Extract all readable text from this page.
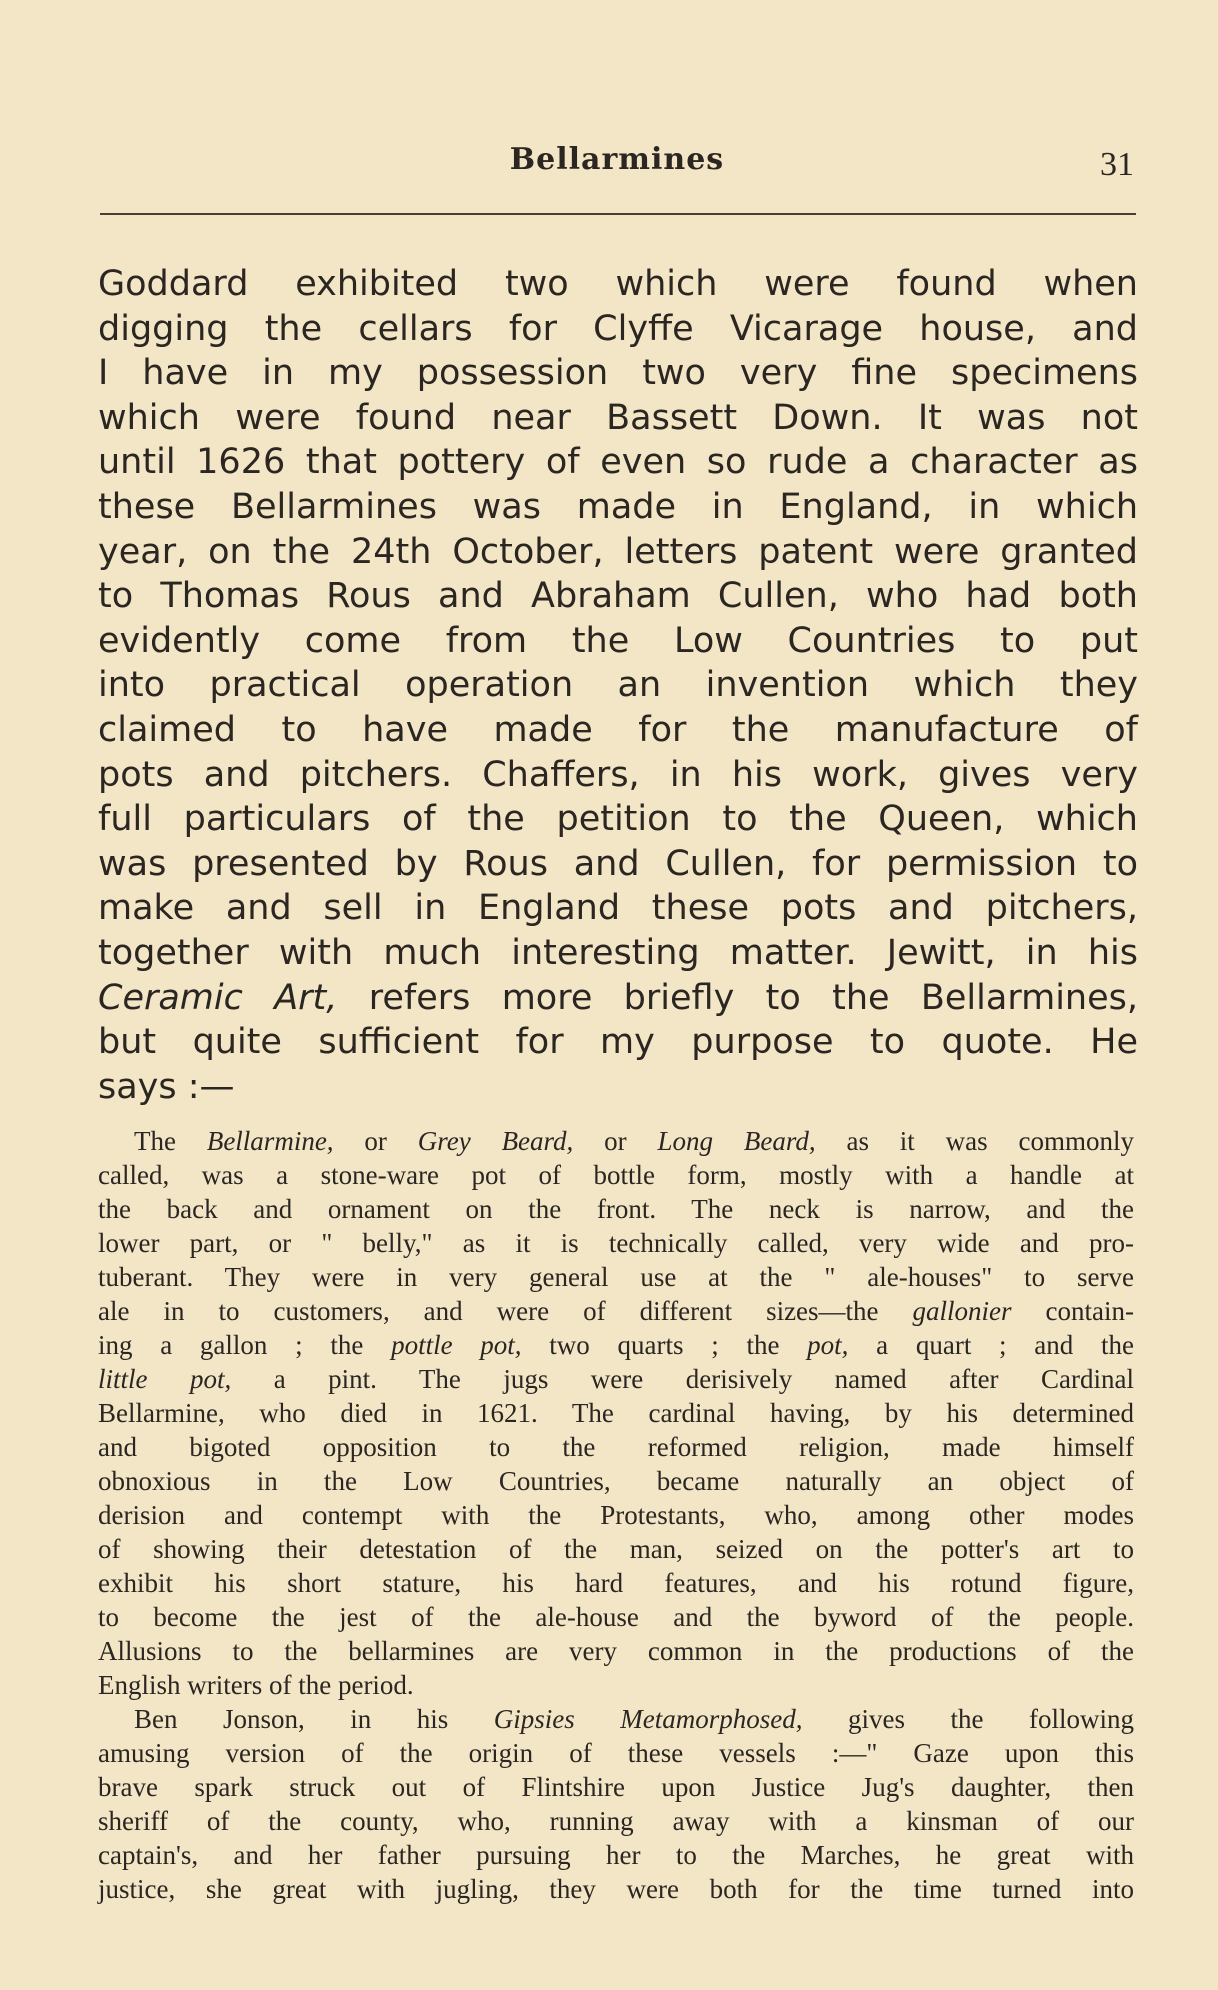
Bellarmines	31
Goddard exhibited two which were found when
digging the cellars for Clyffe Vicarage house, and
I have in my possession two very fine specimens
which were found near Bassett Down. It was not
until 1626 that pottery of even so rude a character as
these Bellarmines was made in England, in which
year, on the 24th October, letters patent were granted
to Thomas Rous and Abraham Cullen, who had both
evidently come from the Low Countries to put
into practical operation an invention which they
claimed to have made for the manufacture of
pots and pitchers. Chaffers, in his work, gives very
full particulars of the petition to the Queen, which
was presented by Rous and Cullen, for permission to
make and sell in England these pots and pitchers,
together with much interesting matter. Jewitt, in his
Ceramic Art, refers more briefly to the Bellarmines,
but quite sufficient for my purpose to quote. He
says :—
The Bellarmine, or Grey Beard, or Long Beard, as it was commonly
called, was a stone-ware pot of bottle form, mostly with a handle at
the back and ornament on the front. The neck is narrow, and the
lower part, or " belly," as it is technically called, very wide and pro-
tuberant. They were in very general use at the " ale-houses" to serve
ale in to customers, and were of different sizes—the gallonier contain-
ing a gallon ; the pottle pot, two quarts ; the pot, a quart ; and the
little pot, a pint. The jugs were derisively named after Cardinal
Bellarmine, who died in 1621. The cardinal having, by his determined
and bigoted opposition to the reformed religion, made himself
obnoxious in the Low Countries, became naturally an object of
derision and contempt with the Protestants, who, among other modes
of showing their detestation of the man, seized on the potter's art to
exhibit his short stature, his hard features, and his rotund figure,
to become the jest of the ale-house and the byword of the people.
Allusions to the bellarmines are very common in the productions of the
English writers of the period.
Ben Jonson, in his Gipsies Metamorphosed, gives the following
amusing version of the origin of these vessels :—" Gaze upon this
brave spark struck out of Flintshire upon Justice Jug's daughter, then
sheriff of the county, who, running away with a kinsman of our
captain's, and her father pursuing her to the Marches, he great with
justice, she great with jugling, they were both for the time turned into
